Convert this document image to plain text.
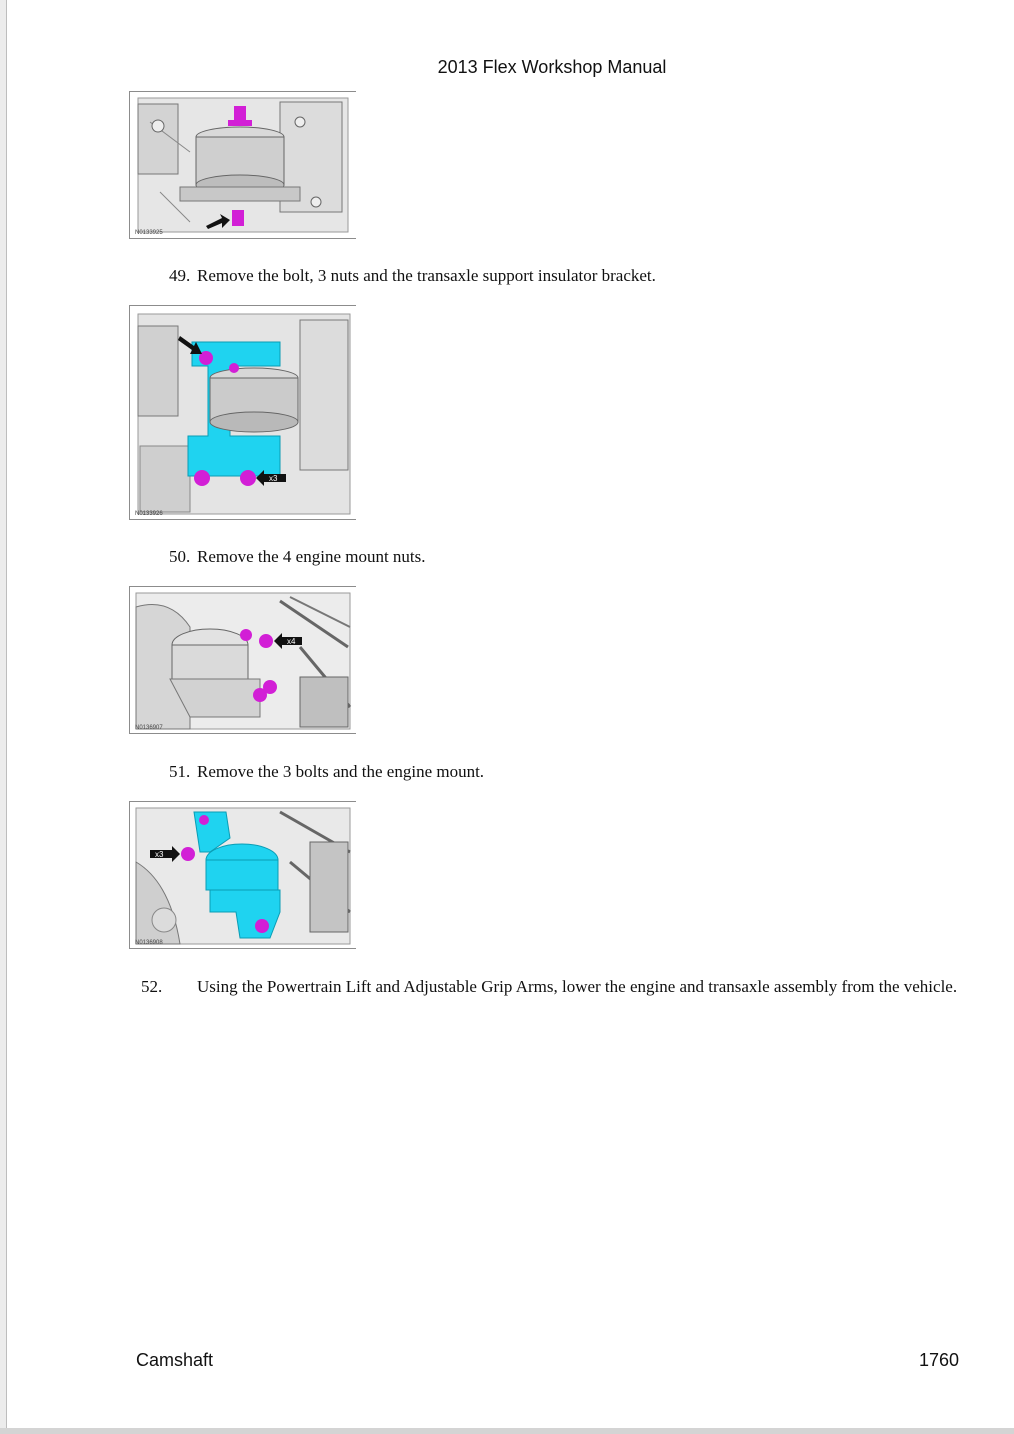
2013 Flex Workshop Manual
N0133925
49. Remove the bolt, 3 nuts and the transaxle support insulator bracket.
x3
N0133926
50. Remove the 4 engine mount nuts.
x4
N0136907
51. Remove the 3 bolts and the engine mount.
x3
N0136908
52. Using the Powertrain Lift and Adjustable Grip Arms, lower the engine and transaxle assembly from the vehicle.
Camshaft	1760
